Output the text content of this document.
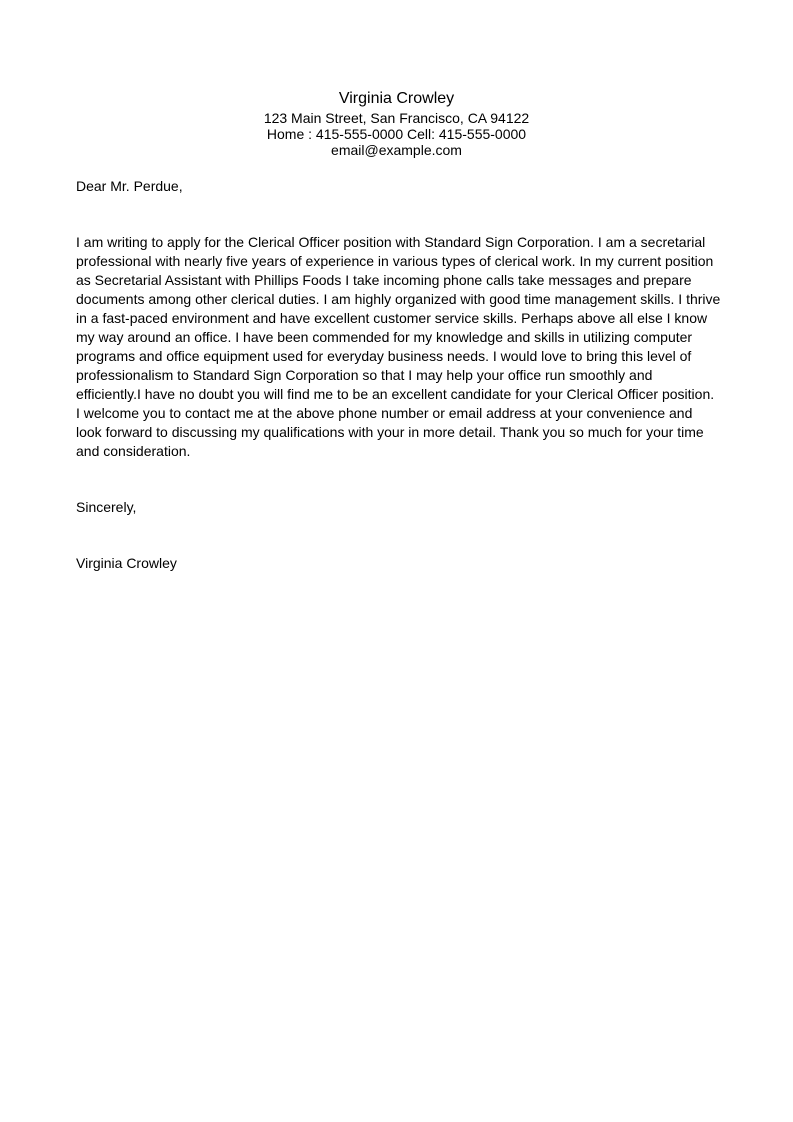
Virginia Crowley

123 Main Street, San Francisco, CA 94122

Home : 415-555-0000 Cell: 415-555-0000

email@example.com

Dear Mr. Perdue,

I am writing to apply for the Clerical Officer position with Standard Sign Corporation. I am a secretarial professional with nearly five years of experience in various types of clerical work. In my current position as Secretarial Assistant with Phillips Foods I take incoming phone calls take messages and prepare documents among other clerical duties. I am highly organized with good time management skills. I thrive in a fast-paced environment and have excellent customer service skills. Perhaps above all else I know my way around an office. I have been commended for my knowledge and skills in utilizing computer programs and office equipment used for everyday business needs. I would love to bring this level of professionalism to Standard Sign Corporation so that I may help your office run smoothly and efficiently.I have no doubt you will find me to be an excellent candidate for your Clerical Officer position. I welcome you to contact me at the above phone number or email address at your convenience and look forward to discussing my qualifications with your in more detail. Thank you so much for your time and consideration.

Sincerely,

Virginia Crowley
